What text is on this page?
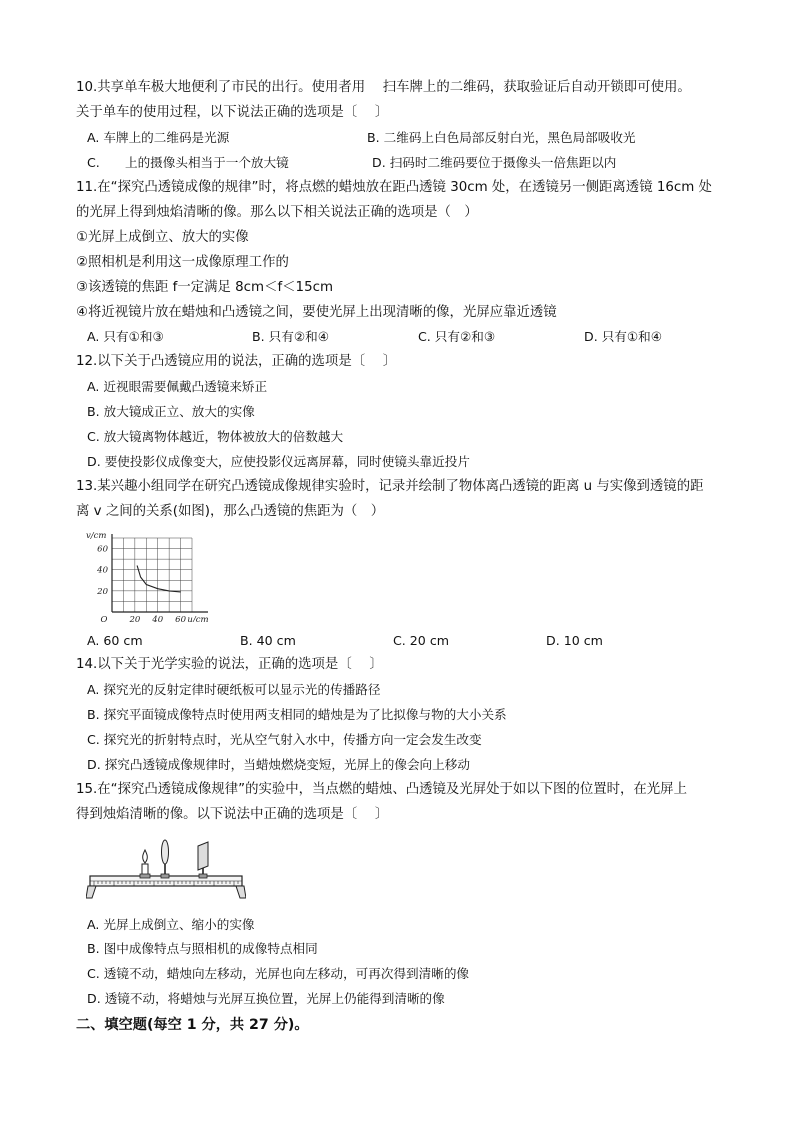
10.共享单车极大地便利了市民的出行。使用者用　 扫车牌上的二维码，获取验证后自动开锁即可使用。
关于单车的使用过程，以下说法正确的选项是〔　 〕
A. 车牌上的二维码是光源	B. 二维码上白色局部反射白光，黑色局部吸收光
C.　　上的摄像头相当于一个放大镜	D. 扫码时二维码要位于摄像头一倍焦距以内
11.在“探究凸透镜成像的规律”时，将点燃的蜡烛放在距凸透镜 30cm 处，在透镜另一侧距离透镜 16cm 处
的光屏上得到烛焰清晰的像。那么以下相关说法正确的选项是（　）
①光屏上成倒立、放大的实像
②照相机是利用这一成像原理工作的
③该透镜的焦距 f一定满足 8cm＜f＜15cm
④将近视镜片放在蜡烛和凸透镜之间，要使光屏上出现清晰的像，光屏应靠近透镜
A. 只有①和③	B. 只有②和④	C. 只有②和③	D. 只有①和④
12.以下关于凸透镜应用的说法，正确的选项是〔　 〕
A. 近视眼需要佩戴凸透镜来矫正
B. 放大镜成正立、放大的实像
C. 放大镜离物体越近，物体被放大的倍数越大
D. 要使投影仪成像变大，应使投影仪远离屏幕，同时使镜头靠近投片
13.某兴趣小组同学在研究凸透镜成像规律实验时，记录并绘制了物体离凸透镜的距离 u 与实像到透镜的距
离 v 之间的关系(如图)，那么凸透镜的焦距为（　）
20 40 60
20
40
60
O	u/cm
v/cm
A. 60 cm	B. 40 cm	C. 20 cm	D. 10 cm
14.以下关于光学实验的说法，正确的选项是〔　 〕
A. 探究光的反射定律时硬纸板可以显示光的传播路径
B. 探究平面镜成像特点时使用两支相同的蜡烛是为了比拟像与物的大小关系
C. 探究光的折射特点时，光从空气射入水中，传播方向一定会发生改变
D. 探究凸透镜成像规律时，当蜡烛燃烧变短，光屏上的像会向上移动
15.在“探究凸透镜成像规律”的实验中，当点燃的蜡烛、凸透镜及光屏处于如以下图的位置时，在光屏上
得到烛焰清晰的像。以下说法中正确的选项是〔　 〕
A. 光屏上成倒立、缩小的实像
B. 图中成像特点与照相机的成像特点相同
C. 透镜不动，蜡烛向左移动，光屏也向左移动，可再次得到清晰的像
D. 透镜不动，将蜡烛与光屏互换位置，光屏上仍能得到清晰的像
二、填空题(每空 1 分，共 27 分)。
